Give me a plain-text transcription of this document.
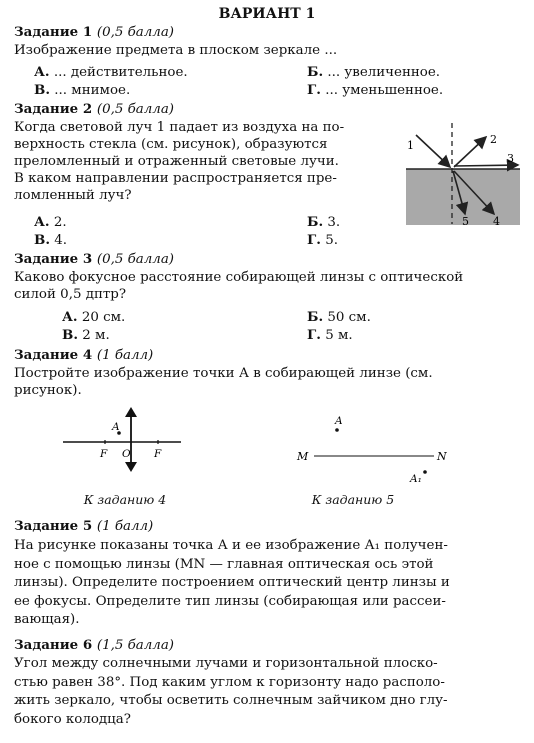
ВАРИАНТ 1
Задание 1 (0,5 балла)
Изображение предмета в плоском зеркале ...
А. ... действительное.	Б. ... увеличенное.
В. ... мнимое.	Г. ... уменьшенное.
Задание 2 (0,5 балла)
Когда световой луч 1 падает из воздуха на по-
верхность стекла (см. рисунок), образуются
преломленный и отраженный световые лучи.
В каком направлении распространяется пре-
ломленный луч?
1	2
3
4
5
А. 2.	Б. 3.
В. 4.	Г. 5.
Задание 3 (0,5 балла)
Каково фокусное расстояние собирающей линзы с оптической
силой 0,5 дптр?
А. 20 см.	Б. 50 см.
В. 2 м.	Г. 5 м.
Задание 4 (1 балл)
Постройте изображение точки А в собирающей линзе (см.
рисунок).
A
F O F
К заданию 4
A
M	N
A₁
К заданию 5
Задание 5 (1 балл)
На рисунке показаны точка А и ее изображение А₁ получен-
ное с помощью линзы (MN — главная оптическая ось этой
линзы). Определите построением оптический центр линзы и
ее фокусы. Определите тип линзы (собирающая или рассеи-
вающая).
Задание 6 (1,5 балла)
Угол между солнечными лучами и горизонтальной плоско-
стью равен 38°. Под каким углом к горизонту надо располо-
жить зеркало, чтобы осветить солнечным зайчиком дно глу-
бокого колодца?
